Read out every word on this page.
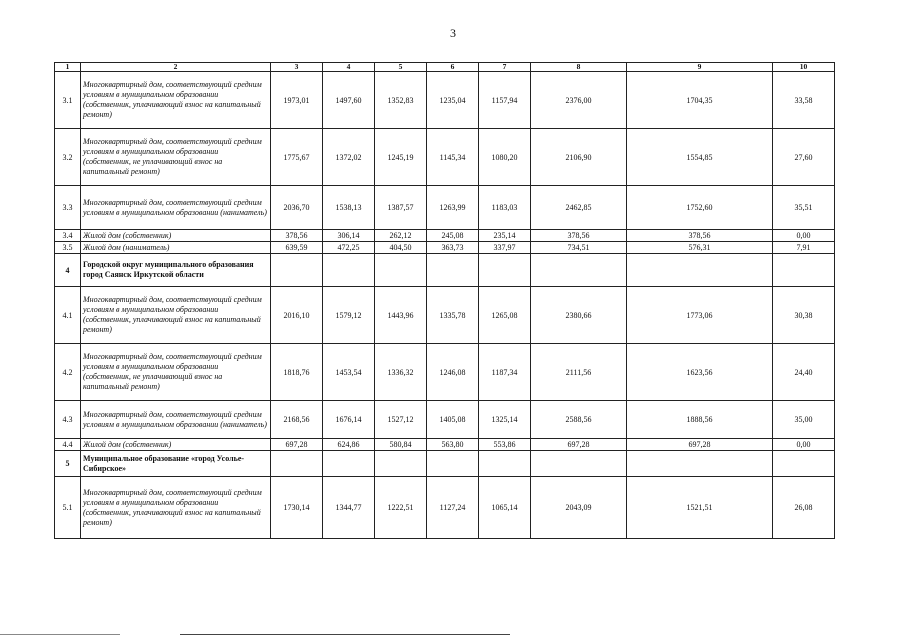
3
1	2	3	4	5	6	7	8	9	10
3.1	Многоквартирный дом, соответствующий средним условиям в муниципальном образовании (собственник, уплачивающий взнос на капитальный ремонт)	1973,01	1497,60	1352,83	1235,04	1157,94	2376,00	1704,35	33,58
3.2	Многоквартирный дом, соответствующий средним условиям в муниципальном образовании (собственник, не уплачивающий взнос на капитальный ремонт)	1775,67	1372,02	1245,19	1145,34	1080,20	2106,90	1554,85	27,60
3.3	Многоквартирный дом, соответствующий средним условиям в муниципальном образовании (наниматель)	2036,70	1538,13	1387,57	1263,99	1183,03	2462,85	1752,60	35,51
3.4	Жилой дом (собственник)	378,56	306,14	262,12	245,08	235,14	378,56	378,56	0,00
3.5	Жилой дом (наниматель)	639,59	472,25	404,50	363,73	337,97	734,51	576,31	7,91
4	Городской округ муниципального образования город Саянск Иркутской области								
4.1	Многоквартирный дом, соответствующий средним условиям в муниципальном образовании (собственник, уплачивающий взнос на капитальный ремонт)	2016,10	1579,12	1443,96	1335,78	1265,08	2380,66	1773,06	30,38
4.2	Многоквартирный дом, соответствующий средним условиям в муниципальном образовании (собственник, не уплачивающий взнос на капитальный ремонт)	1818,76	1453,54	1336,32	1246,08	1187,34	2111,56	1623,56	24,40
4.3	Многоквартирный дом, соответствующий средним условиям в муниципальном образовании (наниматель)	2168,56	1676,14	1527,12	1405,08	1325,14	2588,56	1888,56	35,00
4.4	Жилой дом (собственник)	697,28	624,86	580,84	563,80	553,86	697,28	697,28	0,00
5	Муниципальное образование «город Усолье-Сибирское»								
5.1	Многоквартирный дом, соответствующий средним условиям в муниципальном образовании (собственник, уплачивающий взнос на капитальный ремонт)	1730,14	1344,77	1222,51	1127,24	1065,14	2043,09	1521,51	26,08
